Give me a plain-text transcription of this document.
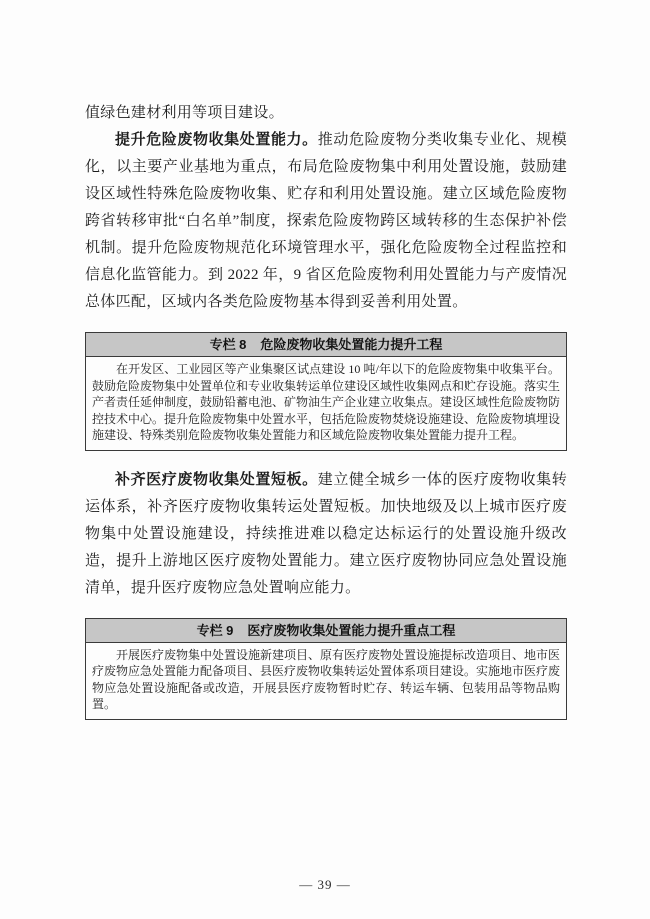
值绿色建材利用等项目建设。

提升危险废物收集处置能力。推动危险废物分类收集专业化、规模化，以主要产业基地为重点，布局危险废物集中利用处置设施，鼓励建设区域性特殊危险废物收集、贮存和利用处置设施。建立区域危险废物跨省转移审批“白名单”制度，探索危险废物跨区域转移的生态保护补偿机制。提升危险废物规范化环境管理水平，强化危险废物全过程监控和信息化监管能力。到 2022 年，9 省区危险废物利用处置能力与产废情况总体匹配，区域内各类危险废物基本得到妥善利用处置。

专栏 8 危险废物收集处置能力提升工程
在开发区、工业园区等产业集聚区试点建设 10 吨/年以下的危险废物集中收集平台。鼓励危险废物集中处置单位和专业收集转运单位建设区域性收集网点和贮存设施。落实生产者责任延伸制度，鼓励铅蓄电池、矿物油生产企业建立收集点。建设区域性危险废物防控技术中心。提升危险废物集中处置水平，包括危险废物焚烧设施建设、危险废物填埋设施建设、特殊类别危险废物收集处置能力和区域危险废物收集处置能力提升工程。

补齐医疗废物收集处置短板。建立健全城乡一体的医疗废物收集转运体系，补齐医疗废物收集转运处置短板。加快地级及以上城市医疗废物集中处置设施建设，持续推进难以稳定达标运行的处置设施升级改造，提升上游地区医疗废物处置能力。建立医疗废物协同应急处置设施清单，提升医疗废物应急处置响应能力。

专栏 9 医疗废物收集处置能力提升重点工程
开展医疗废物集中处置设施新建项目、原有医疗废物处置设施提标改造项目、地市医疗废物应急处置能力配备项目、县医疗废物收集转运处置体系项目建设。实施地市医疗废物应急处置设施配备或改造，开展县医疗废物暂时贮存、转运车辆、包装用品等物品购置。
— 39 —
